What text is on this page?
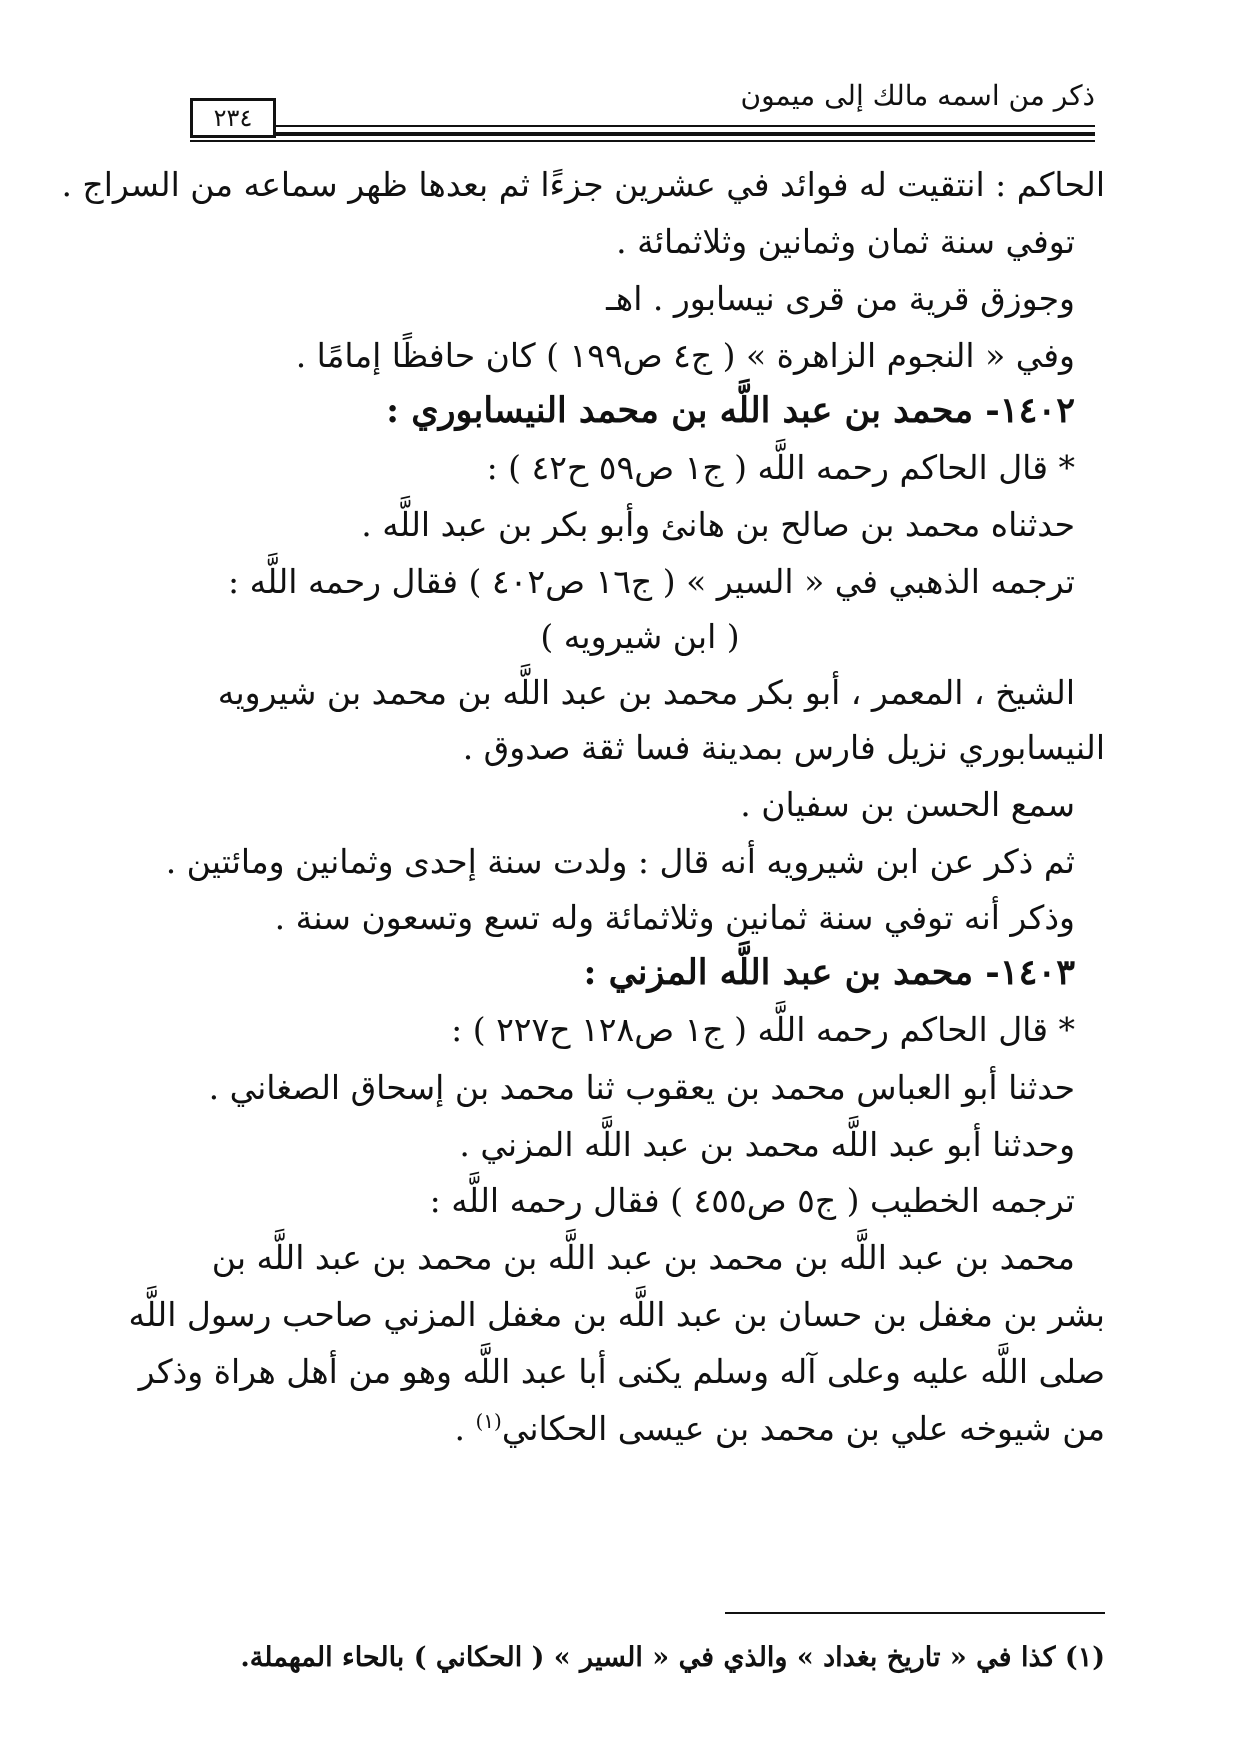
ذكر من اسمه مالك إلى ميمون
٢٣٤
الحاكم : انتقيت له فوائد في عشرين جزءًا ثم بعدها ظهر سماعه من السراج .
توفي سنة ثمان وثمانين وثلاثمائة .
وجوزق قرية من قرى نيسابور . اهـ
وفي « النجوم الزاهرة » ( ج٤ ص١٩٩ ) كان حافظًا إمامًا .
١٤٠٢- محمد بن عبد اللَّه بن محمد النيسابوري :
* قال الحاكم رحمه اللَّه ( ج١ ص٥٩ ح٤٢ ) :
حدثناه محمد بن صالح بن هانئ وأبو بكر بن عبد اللَّه .
ترجمه الذهبي في « السير » ( ج١٦ ص٤٠٢ ) فقال رحمه اللَّه :
( ابن شيرويه )
الشيخ ، المعمر ، أبو بكر محمد بن عبد اللَّه بن محمد بن شيرويه
النيسابوري نزيل فارس بمدينة فسا ثقة صدوق .
سمع الحسن بن سفيان .
ثم ذكر عن ابن شيرويه أنه قال : ولدت سنة إحدى وثمانين ومائتين .
وذكر أنه توفي سنة ثمانين وثلاثمائة وله تسع وتسعون سنة .
١٤٠٣- محمد بن عبد اللَّه المزني :
* قال الحاكم رحمه اللَّه ( ج١ ص١٢٨ ح٢٢٧ ) :
حدثنا أبو العباس محمد بن يعقوب ثنا محمد بن إسحاق الصغاني .
وحدثنا أبو عبد اللَّه محمد بن عبد اللَّه المزني .
ترجمه الخطيب ( ج٥ ص٤٥٥ ) فقال رحمه اللَّه :
محمد بن عبد اللَّه بن محمد بن عبد اللَّه بن محمد بن عبد اللَّه بن
بشر بن مغفل بن حسان بن عبد اللَّه بن مغفل المزني صاحب رسول اللَّه
صلى اللَّه عليه وعلى آله وسلم يكنى أبا عبد اللَّه وهو من أهل هراة وذكر
من شيوخه علي بن محمد بن عيسى الحكاني$^{(١)}$ .
(١) كذا في « تاريخ بغداد » والذي في « السير » ( الحكاني ) بالحاء المهملة.
